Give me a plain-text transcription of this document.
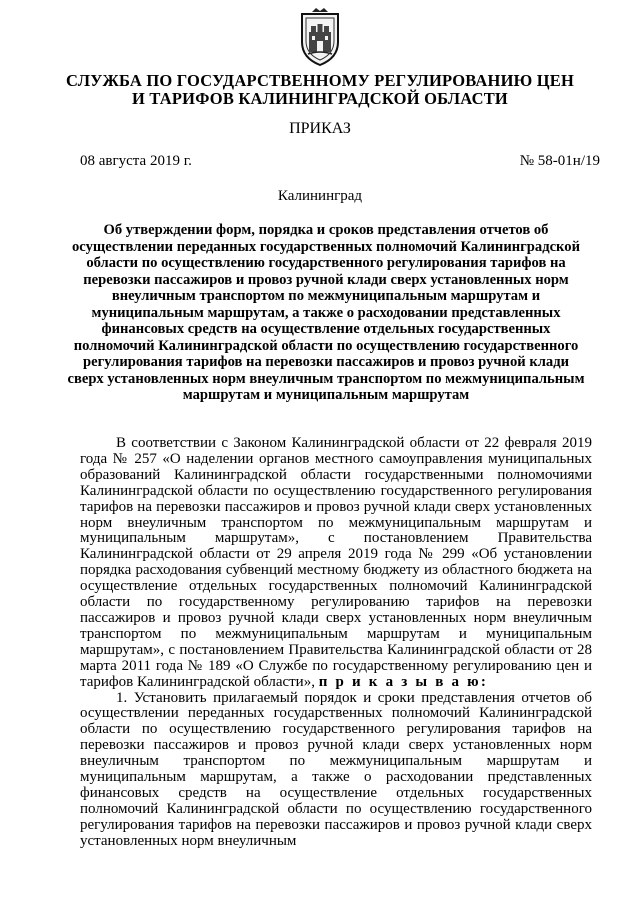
СЛУЖБА ПО ГОСУДАРСТВЕННОМУ РЕГУЛИРОВАНИЮ ЦЕН
И ТАРИФОВ КАЛИНИНГРАДСКОЙ ОБЛАСТИ
ПРИКАЗ
08 августа 2019 г.	№ 58-01н/19
Калининград
Об утверждении форм, порядка и сроков представления отчетов об
осуществлении переданных государственных полномочий Калининградской
области по осуществлению государственного регулирования тарифов на
перевозки пассажиров и провоз ручной клади сверх установленных норм
внеуличным транспортом по межмуниципальным маршрутам и
муниципальным маршрутам, а также о расходовании представленных
финансовых средств на осуществление отдельных государственных
полномочий Калининградской области по осуществлению государственного
регулирования тарифов на перевозки пассажиров и провоз ручной клади
сверх установленных норм внеуличным транспортом по межмуниципальным
маршрутам и муниципальным маршрутам

В соответствии с Законом Калининградской области от 22 февраля 2019 года № 257 «О наделении органов местного самоуправления муниципальных образований Калининградской области государственными полномочиями Калининградской области по осуществлению государственного регулирования тарифов на перевозки пассажиров и провоз ручной клади сверх установленных норм внеуличным транспортом по межмуниципальным маршрутам и муниципальным маршрутам», с постановлением Правительства Калининградской области от 29 апреля 2019 года № 299 «Об установлении порядка расходования субвенций местному бюджету из областного бюджета на осуществление отдельных государственных полномочий Калининградской области по государственному регулированию тарифов на перевозки пассажиров и провоз ручной клади сверх установленных норм внеуличным транспортом по межмуниципальным маршрутам и муниципальным маршрутам», с постановлением Правительства Калининградской области от 28 марта 2011 года № 189 «О Службе по государственному регулированию цен и тарифов Калининградской области», п р и к а з ы в а ю:

1. Установить прилагаемый порядок и сроки представления отчетов об осуществлении переданных государственных полномочий Калининградской области по осуществлению государственного регулирования тарифов на перевозки пассажиров и провоз ручной клади сверх установленных норм внеуличным транспортом по межмуниципальным маршрутам и муниципальным маршрутам, а также о расходовании представленных финансовых средств на осуществление отдельных государственных полномочий Калининградской области по осуществлению государственного регулирования тарифов на перевозки пассажиров и провоз ручной клади сверх установленных норм внеуличным
